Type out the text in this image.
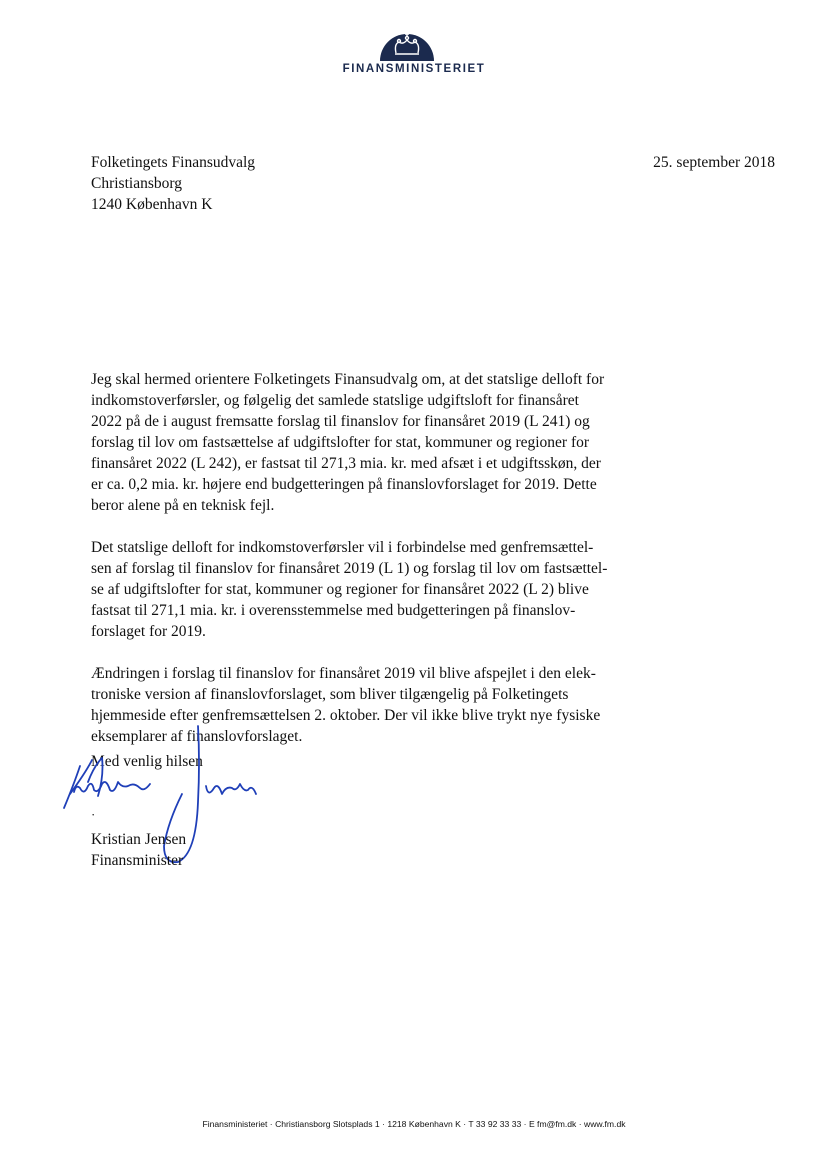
FINANSMINISTERIET
Folketingets Finansudvalg
Christiansborg
1240 København K
25. september 2018
Jeg skal hermed orientere Folketingets Finansudvalg om, at det statslige delloft for
indkomstoverførsler, og følgelig det samlede statslige udgiftsloft for finansåret
2022 på de i august fremsatte forslag til finanslov for finansåret 2019 (L 241) og
forslag til lov om fastsættelse af udgiftslofter for stat, kommuner og regioner for
finansåret 2022 (L 242), er fastsat til 271,3 mia. kr. med afsæt i et udgiftsskøn, der
er ca. 0,2 mia. kr. højere end budgetteringen på finanslovforslaget for 2019. Dette
beror alene på en teknisk fejl.
Det statslige delloft for indkomstoverførsler vil i forbindelse med genfremsættel-
sen af forslag til finanslov for finansåret 2019 (L 1) og forslag til lov om fastsættel-
se af udgiftslofter for stat, kommuner og regioner for finansåret 2022 (L 2) blive
fastsat til 271,1 mia. kr. i overensstemmelse med budgetteringen på finanslov-
forslaget for 2019.
Ændringen i forslag til finanslov for finansåret 2019 vil blive afspejlet i den elek-
troniske version af finanslovforslaget, som bliver tilgængelig på Folketingets
hjemmeside efter genfremsættelsen 2. oktober. Der vil ikke blive trykt nye fysiske
eksemplarer af finanslovforslaget.
Med venlig hilsen
·
Kristian Jensen
Finansminister
Finansministeriet · Christiansborg Slotsplads 1 · 1218 København K · T 33 92 33 33 · E fm@fm.dk · www.fm.dk
